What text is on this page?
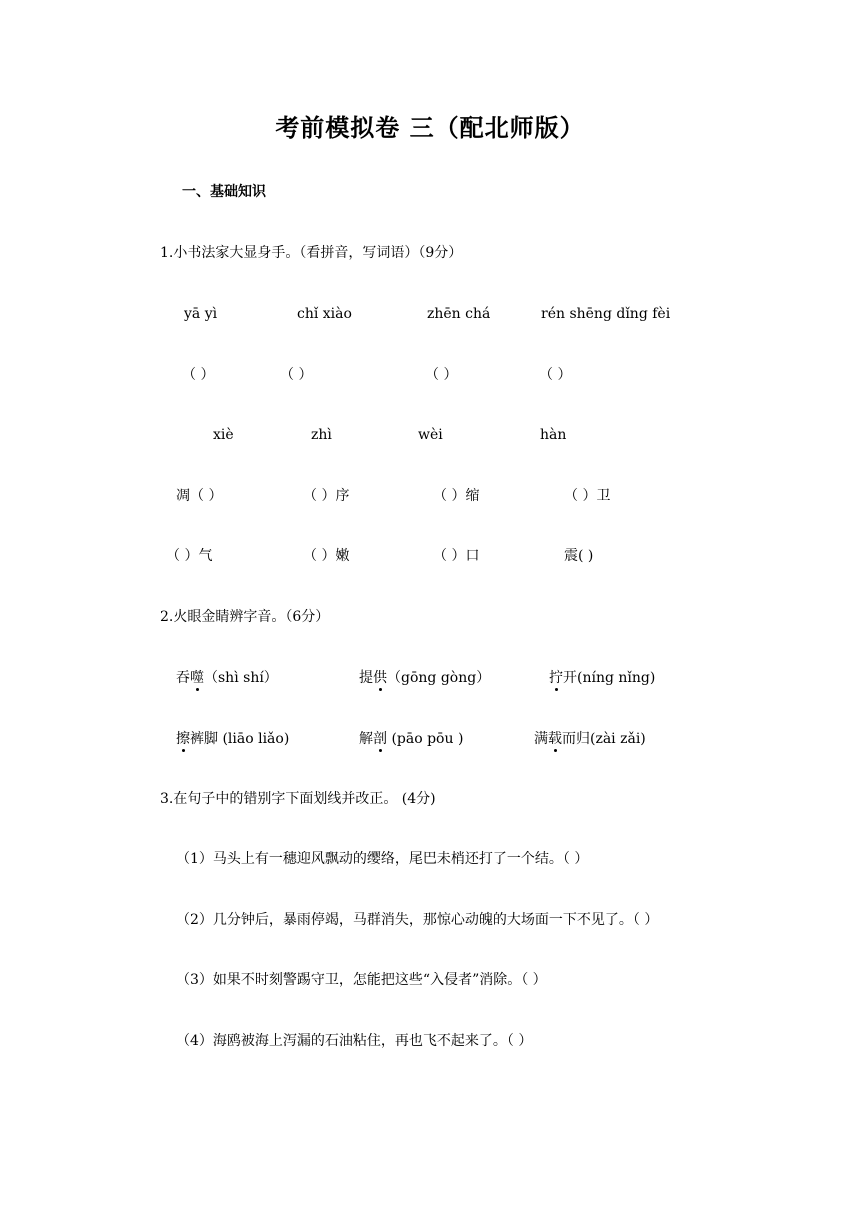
考前模拟卷 三（配北师版）
一、基础知识
1.小书法家大显身手。（看拼音，写词语）（9分）
yā yì	chǐ xiào	zhēn chá	rén shēng dǐng fèi
（ ）	（ ）	（ ）	（ ）
xiè	zhì	wèi	hàn
凋（ ）	（ ）序	（ ）缩	（ ）卫
（ ）气	（ ）嫩	（ ）口	震( )
2.火眼金睛辨字音。（6分）
吞噬（shì shí）	提供（gōng gòng）	拧开(níng nǐng)
擦裤脚 (liāo liǎo)	解剖 (pāo pōu )	满载而归(zài zǎi)
3.在句子中的错别字下面划线并改正。 (4分)
（1）马头上有一穗迎风飘动的缨络，尾巴未梢还打了一个结。（ ）
（2）几分钟后，暴雨停竭，马群消失，那惊心动魄的大场面一下不见了。（ ）
（3）如果不时刻警踢守卫，怎能把这些“入侵者”消除。（ ）
（4）海鸥被海上泻漏的石油粘住，再也飞不起来了。（ ）
